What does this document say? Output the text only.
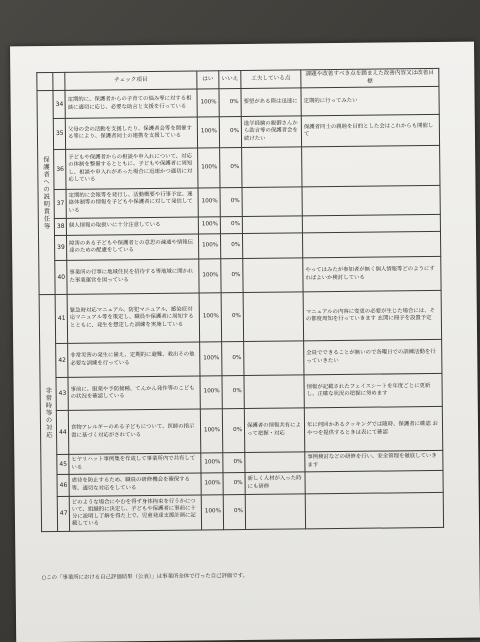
		チェック項目	はい	いいえ	工夫している点	課題や改善すべき点を踏まえた改善内容又は改善目標
保護者への説明責任等	34	定期的に、保護者からの子育ての悩み等に対する相談に適切に応じ、必要な助言と支援を行っている	100%	0%	要望がある際は迅速に	定期的に行ってみたい
	35	父母の会の活動を支援したり、保護者会等を開催する等により、保護者同士の連携を支援している	100%	0%	進学経験の親御さんから助言等の保護者会を続けたい	保護者同士の親睦を目的とした会はこれからも開催して
	36	子どもや保護者からの相談や申入れについて、対応の体制を整備するとともに、子どもや保護者に周知し、相談や申入れがあった場合に迅速かつ適切に対応している	100%	0%		
	37	定期的に会報等を発行し、活動概要や行事予定、連絡体制等の情報を子どもや保護者に対して発信している	100%	0%		
	38	個人情報の取扱いに十分注意している	100%	0%		
	39	障害のある子どもや保護者との意思の疎通や情報伝達のための配慮をしている	100%	0%		
	40	事業所の行事に地域住民を招待する等地域に開かれた事業運営を図っている	100%	0%		やってはみたが参加者が無く個人情報等どのようにすればよいか検討している
非常時等の対応	41	緊急時対応マニュアル、防犯マニュアル、感染症対応マニュアル等を策定し、職員や保護者に周知するとともに、発生を想定した訓練を実施している	100%	0%		マニュアルの内容に変更の必要が生じた場合には、その都度周知を行っていきます 玄関に冊子を設置予定
	42	非常災害の発生に備え、定期的に避難、救出その他必要な訓練を行っている	100%	0%		全員でできることが無いので各曜日での訓練活動を行っていきたい
	43	事前に、服薬や予防接種、てんかん発作等のこどもの状況を確認している	100%	0%		情報が記載されたフェイスシートを年度ごとに更新し、正確な状況の把握に努めます
	44	食物アレルギーのある子どもについて、医師の指示書に基づく対応がされている	100%	0%	保護者の情報共有によって把握・対応	年に何回かあるクッキングでは随時、保護者に確認 おやつを提供するときは表にて確認
	45	ヒヤリハット事例集を作成して事業所内で共有している	100%	0%		事例検討などの研修を行い、安全管理を徹底していきます
	46	虐待を防止するため、職員の研修機会を確保する等、適切な対応をしている	100%	0%	新しく人材が入った時にも研修	
	47	どのような場合にやむを得ず身体拘束を行うかについて、組織的に決定し、子どもや保護者に事前に十分に説明し了解を得た上で、児童発達支援計画に記載している	100%	0%		
○この「事業所における自己評価結果（公表）」は事業所全体で行った自己評価です。
